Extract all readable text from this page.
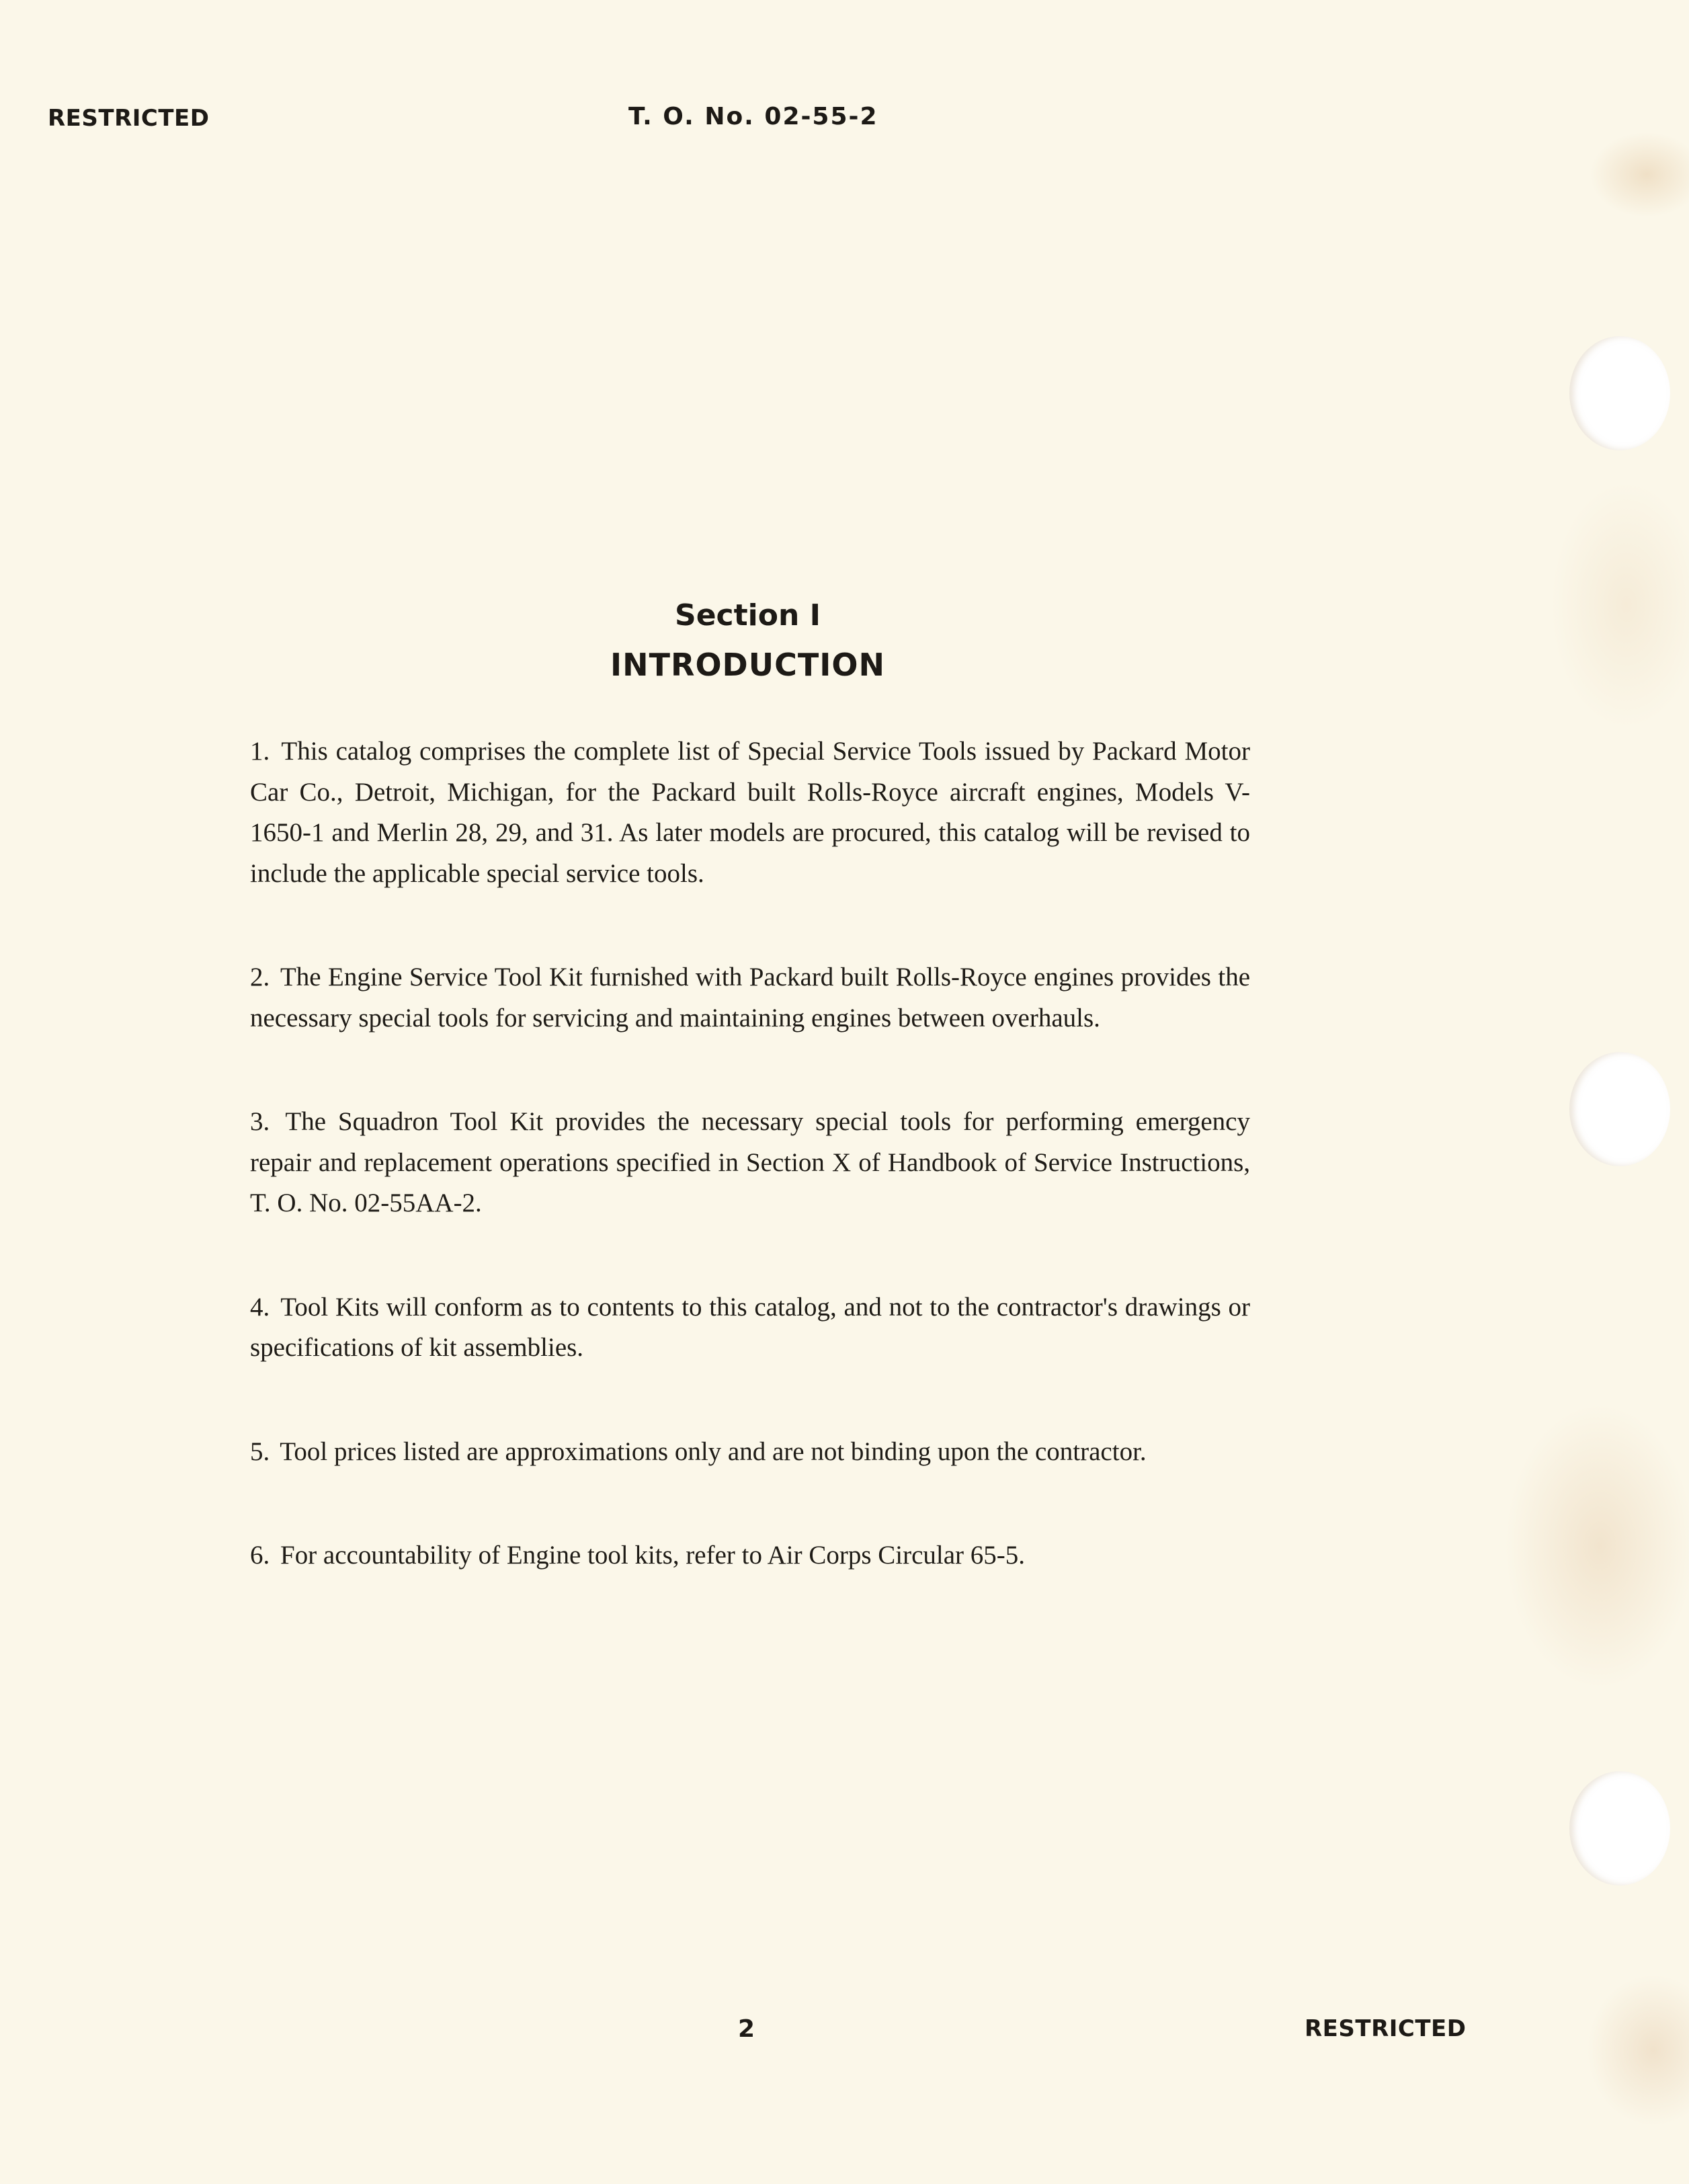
RESTRICTED	T. O. No. 02-55-2
Section I
INTRODUCTION

1. This catalog comprises the complete list of Special Service Tools issued by Packard Motor Car Co., Detroit, Michigan, for the Packard built Rolls-Royce aircraft engines, Models V-1650-1 and Merlin 28, 29, and 31. As later models are procured, this catalog will be revised to include the applicable special service tools.

2. The Engine Service Tool Kit furnished with Packard built Rolls-Royce engines provides the necessary special tools for servicing and maintaining engines between overhauls.

3. The Squadron Tool Kit provides the necessary special tools for performing emergency repair and replacement operations specified in Section X of Handbook of Service Instructions, T. O. No. 02-55AA-2.

4. Tool Kits will conform as to contents to this catalog, and not to the contractor's drawings or specifications of kit assemblies.

5. Tool prices listed are approximations only and are not binding upon the contractor.

6. For accountability of Engine tool kits, refer to Air Corps Circular 65-5.

2	RESTRICTED
